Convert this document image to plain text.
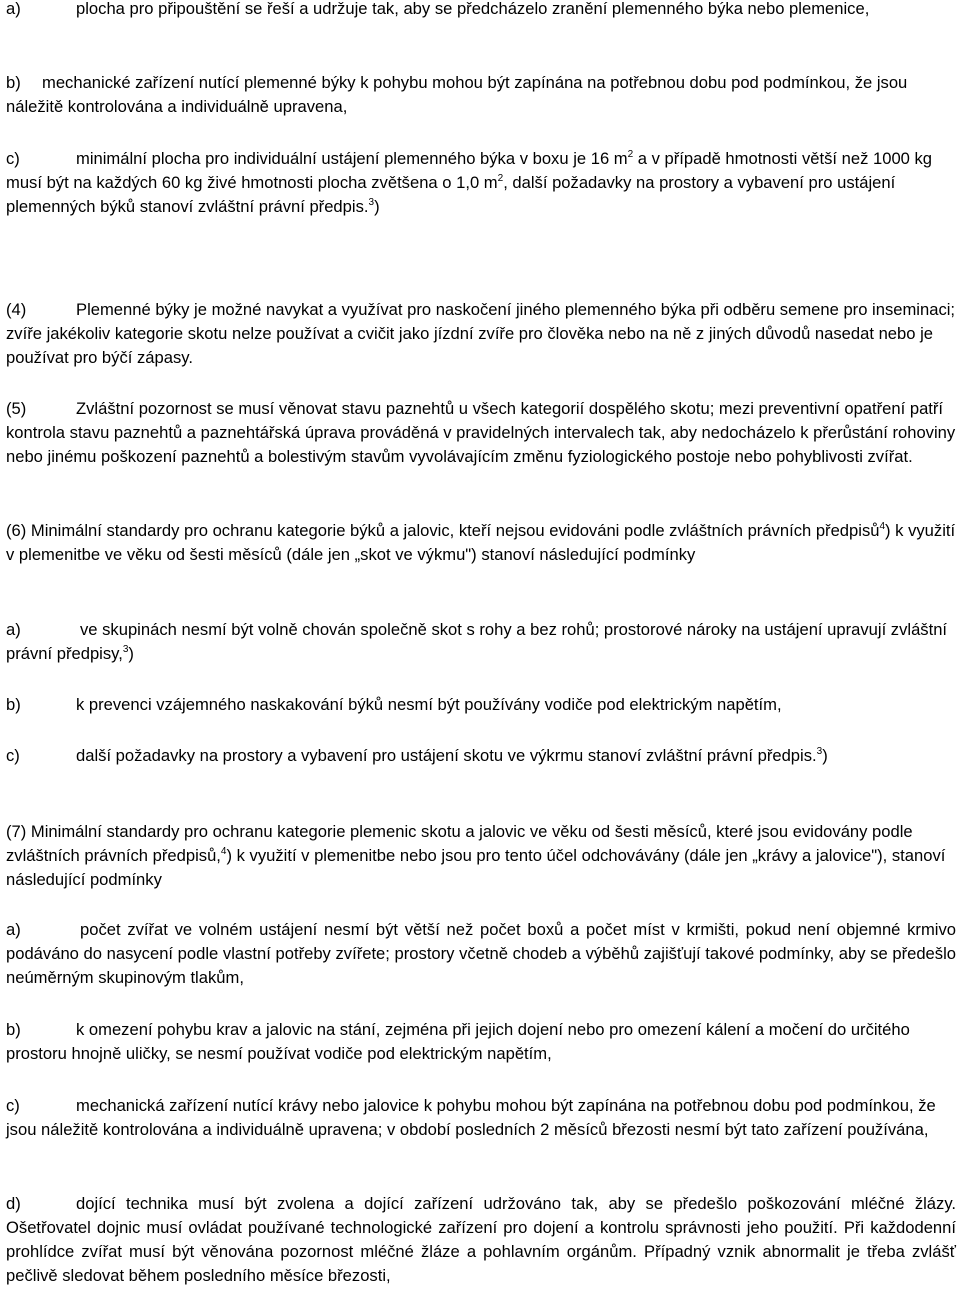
a)	plocha pro připouštění se řeší a udržuje tak, aby se předcházelo zranění plemenného býka nebo plemenice,

b) mechanické zařízení nutící plemenné býky k pohybu mohou být zapínána na potřebnou dobu pod podmínkou, že jsou náležitě kontrolována a individuálně upravena,

c)	minimální plocha pro individuální ustájení plemenného býka v boxu je 16 $m^2$ a v případě hmotnosti větší než 1000 kg musí být na každých 60 kg živé hmotnosti plocha zvětšena o 1,0 $m^2$, další požadavky na prostory a vybavení pro ustájení plemenných býků stanoví zvláštní právní předpis.$^3$)

(4)	Plemenné býky je možné navykat a využívat pro naskočení jiného plemenného býka při odběru semene pro inseminaci; zvíře jakékoliv kategorie skotu nelze používat a cvičit jako jízdní zvíře pro člověka nebo na ně z jiných důvodů nasedat nebo je používat pro býčí zápasy.

(5)	Zvláštní pozornost se musí věnovat stavu paznehtů u všech kategorií dospělého skotu; mezi preventivní opatření patří kontrola stavu paznehtů a paznehtářská úprava prováděná v pravidelných intervalech tak, aby nedocházelo k přerůstání rohoviny nebo jinému poškození paznehtů a bolestivým stavům vyvolávajícím změnu fyziologického postoje nebo pohyblivosti zvířat.

(6) Minimální standardy pro ochranu kategorie býků a jalovic, kteří nejsou evidováni podle zvláštních právních předpisů$^4$) k využití v plemenitbe ve věku od šesti měsíců (dále jen „skot ve výkmu") stanoví následující podmínky

a)	ve skupinách nesmí být volně chován společně skot s rohy a bez rohů; prostorové nároky na ustájení upravují zvláštní právní předpisy,$^3$)

b)	k prevenci vzájemného naskakování býků nesmí být používány vodiče pod elektrickým napětím,

c)	další požadavky na prostory a vybavení pro ustájení skotu ve výkrmu stanoví zvláštní právní předpis.$^3$)

(7) Minimální standardy pro ochranu kategorie plemenic skotu a jalovic ve věku od šesti měsíců, které jsou evidovány podle zvláštních právních předpisů,$^4$) k využití v plemenitbe nebo jsou pro tento účel odchovávány (dále jen „krávy a jalovice"), stanoví následující podmínky

a)	počet zvířat ve volném ustájení nesmí být větší než počet boxů a počet míst v krmišti, pokud není objemné krmivo podáváno do nasycení podle vlastní potřeby zvířete; prostory včetně chodeb a výběhů zajišťují takové podmínky, aby se předešlo neúměrným skupinovým tlakům,

b)	k omezení pohybu krav a jalovic na stání, zejména při jejich dojení nebo pro omezení kálení a močení do určitého prostoru hnojně uličky, se nesmí používat vodiče pod elektrickým napětím,

c)	mechanická zařízení nutící krávy nebo jalovice k pohybu mohou být zapínána na potřebnou dobu pod podmínkou, že jsou náležitě kontrolována a individuálně upravena; v období posledních 2 měsíců březosti nesmí být tato zařízení používána,

d)	dojící technika musí být zvolena a dojící zařízení udržováno tak, aby se předešlo poškozování mléčné žlázy. Ošetřovatel dojnic musí ovládat používané technologické zařízení pro dojení a kontrolu správnosti jeho použití. Při každodenní prohlídce zvířat musí být věnována pozornost mléčné žláze a pohlavním orgánům. Případný vznik abnormalit je třeba zvlášť pečlivě sledovat během posledního měsíce březosti,
